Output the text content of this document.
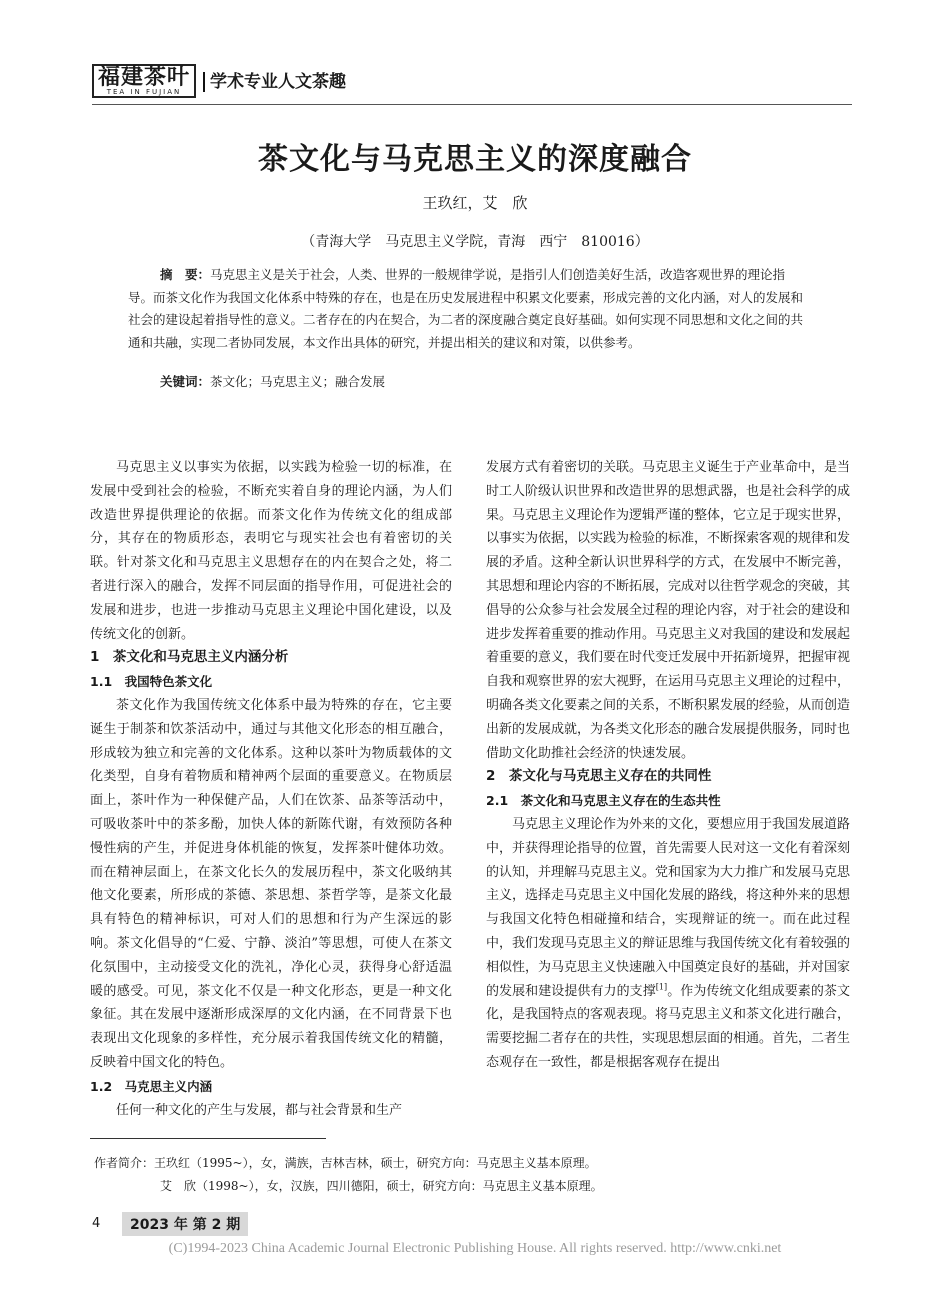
福建茶叶
TEA IN FUJIAN 学术专业人文茶趣
茶文化与马克思主义的深度融合
王玖红，艾　欣
（青海大学　马克思主义学院，青海　西宁　810016）
摘　要：马克思主义是关于社会，人类、世界的一般规律学说，是指引人们创造美好生活，改造客观世界的理论指导。而茶文化作为我国文化体系中特殊的存在，也是在历史发展进程中积累文化要素，形成完善的文化内涵，对人的发展和社会的建设起着指导性的意义。二者存在的内在契合，为二者的深度融合奠定良好基础。如何实现不同思想和文化之间的共通和共融，实现二者协同发展，本文作出具体的研究，并提出相关的建议和对策，以供参考。
关键词：茶文化；马克思主义；融合发展

马克思主义以事实为依据，以实践为检验一切的标准，在发展中受到社会的检验，不断充实着自身的理论内涵，为人们改造世界提供理论的依据。而茶文化作为传统文化的组成部分，其存在的物质形态，表明它与现实社会也有着密切的关联。针对茶文化和马克思主义思想存在的内在契合之处，将二者进行深入的融合，发挥不同层面的指导作用，可促进社会的发展和进步，也进一步推动马克思主义理论中国化建设，以及传统文化的创新。

1　茶文化和马克思主义内涵分析

1.1　我国特色茶文化

茶文化作为我国传统文化体系中最为特殊的存在，它主要诞生于制茶和饮茶活动中，通过与其他文化形态的相互融合，形成较为独立和完善的文化体系。这种以茶叶为物质载体的文化类型，自身有着物质和精神两个层面的重要意义。在物质层面上，茶叶作为一种保健产品，人们在饮茶、品茶等活动中，可吸收茶叶中的茶多酚，加快人体的新陈代谢，有效预防各种慢性病的产生，并促进身体机能的恢复，发挥茶叶健体功效。而在精神层面上，在茶文化长久的发展历程中，茶文化吸纳其他文化要素，所形成的茶德、茶思想、茶哲学等，是茶文化最具有特色的精神标识，可对人们的思想和行为产生深远的影响。茶文化倡导的“仁爱、宁静、淡泊”等思想，可使人在茶文化氛围中，主动接受文化的洗礼，净化心灵，获得身心舒适温暖的感受。可见，茶文化不仅是一种文化形态，更是一种文化象征。其在发展中逐渐形成深厚的文化内涵，在不同背景下也表现出文化现象的多样性，充分展示着我国传统文化的精髓，反映着中国文化的特色。

1.2　马克思主义内涵

任何一种文化的产生与发展，都与社会背景和生产

发展方式有着密切的关联。马克思主义诞生于产业革命中，是当时工人阶级认识世界和改造世界的思想武器，也是社会科学的成果。马克思主义理论作为逻辑严谨的整体，它立足于现实世界，以事实为依据，以实践为检验的标准，不断探索客观的规律和发展的矛盾。这种全新认识世界科学的方式，在发展中不断完善，其思想和理论内容的不断拓展，完成对以往哲学观念的突破，其倡导的公众参与社会发展全过程的理论内容，对于社会的建设和进步发挥着重要的推动作用。马克思主义对我国的建设和发展起着重要的意义，我们要在时代变迁发展中开拓新境界，把握审视自我和观察世界的宏大视野，在运用马克思主义理论的过程中，明确各类文化要素之间的关系，不断积累发展的经验，从而创造出新的发展成就，为各类文化形态的融合发展提供服务，同时也借助文化助推社会经济的快速发展。

2　茶文化与马克思主义存在的共同性

2.1　茶文化和马克思主义存在的生态共性

马克思主义理论作为外来的文化，要想应用于我国发展道路中，并获得理论指导的位置，首先需要人民对这一文化有着深刻的认知，并理解马克思主义。党和国家为大力推广和发展马克思主义，选择走马克思主义中国化发展的路线，将这种外来的思想与我国文化特色相碰撞和结合，实现辩证的统一。而在此过程中，我们发现马克思主义的辩证思维与我国传统文化有着较强的相似性，为马克思主义快速融入中国奠定良好的基础，并对国家的发展和建设提供有力的支撑[1]。作为传统文化组成要素的茶文化，是我国特点的客观表现。将马克思主义和茶文化进行融合，需要挖掘二者存在的共性，实现思想层面的相通。首先，二者生态观存在一致性，都是根据客观存在提出

作者简介：王玖红（1995~），女，满族，吉林吉林，硕士，研究方向：马克思主义基本原理。
艾　欣（1998~），女，汉族，四川德阳，硕士，研究方向：马克思主义基本原理。
4	2023 年 第 2 期
(C)1994-2023 China Academic Journal Electronic Publishing House. All rights reserved. http://www.cnki.net
